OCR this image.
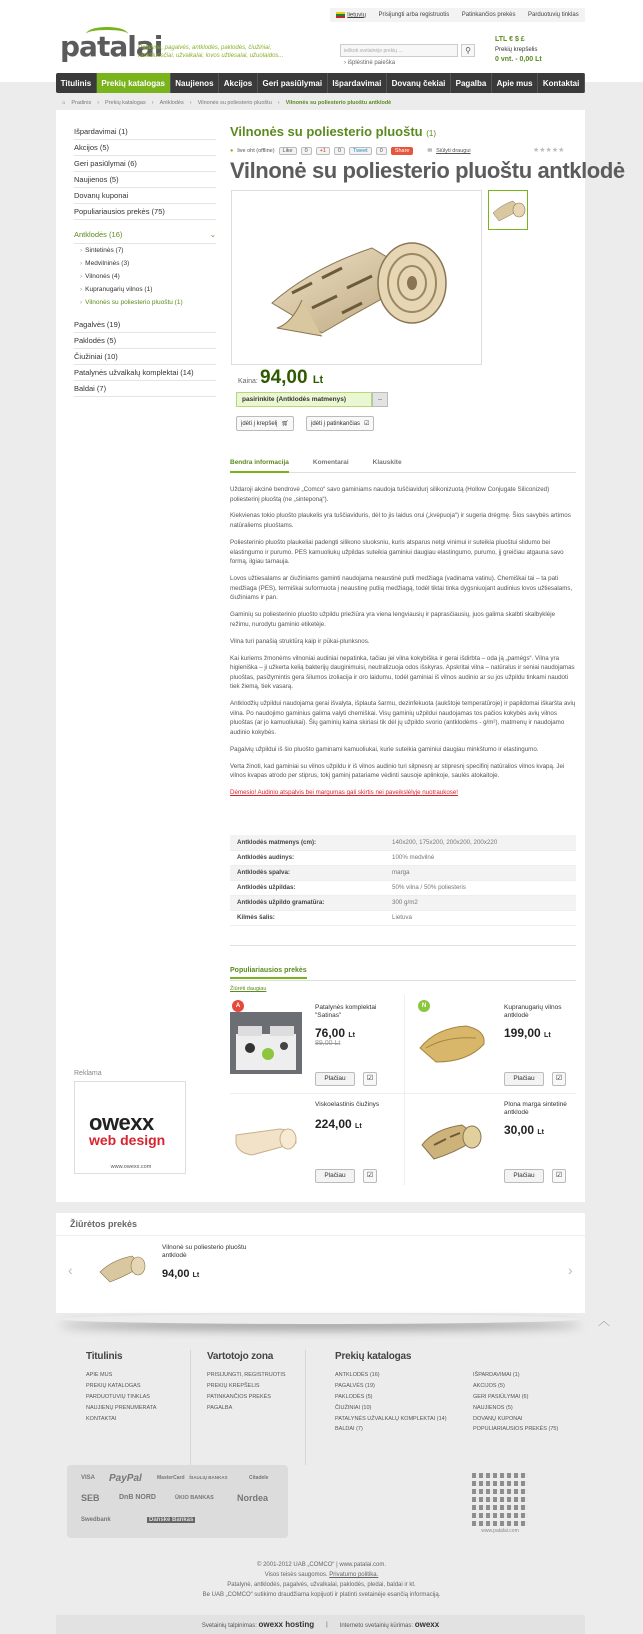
lietuvių Prisijungti arba registruotis Patinkančios prekės Parduotuvių tinklas
patalai
Patalynė, pagalvės, antklodės, paklodės, čiužiniai, rankšluosčiai, užvalkalai, lovos užtiesalai, užuolaidos...
ieškoti svetainėje prekių ...	⚲
› išplėstinė paieška
LTL € $ £
Prekių krepšelis
0 vnt. - 0,00 Lt
Titulinis	Prekių katalogas	Naujienos	Akcijos	Geri pasiūlymai	Išpardavimai	Dovanų čekiai	Pagalba	Apie mus	Kontaktai
⌂ Pradinis › Prekių katalogas › Antklodės › Vilnonės su poliesterio pluoštu › Vilnonės su poliesterio pluoštu antklodė
Išpardavimai (1)
Akcijos (5)
Geri pasiūlymai (6)
Naujienos (5)
Dovanų kuponai
Populiariausios prekės (75)
Antklodės (16)	⌄
› Sintetinės (7)
› Medvilninės (3)
› Vilnonės (4)
› Kupranugarių vilnos (1)
› Vilnonės su poliesterio pluoštu (1)
Pagalvės (19)
Paklodės (5)
Čiužiniai (10)
Patalynės užvalkalų komplektai (14)
Baldai (7)
Vilnonės su poliesterio pluoštu (1)
● live oht (offline)	Like	0	+1	0	Tweet	0	Share	✉ Siūlyti draugui	★★★★★
Vilnonė su poliesterio pluoštu antklodė
Kaina: 94,00 Lt
pasirinkite (Antklodės matmenys)	–
įdėti į krepšelį 🛒︎	įdėti į patinkančias ☑
Bendra informacija	Komentarai	Klauskite

Uždaroji akcinė bendrovė „Comco“ savo gaminiams naudoja tuščiavidurį silikonizuotą (Hollow Conjugate Siliconized) poliesterinį pluoštą (ne „sinteponą“).

Kiekvienas tokio pluošto plaukelis yra tuščiaviduris, dėl to jis laidus orui („kvėpuoja“) ir sugeria drėgmę. Šios savybės artimos natūraliems pluoštams.

Poliesterinio pluošto plaukeliai padengti silikono sluoksniu, kuris atsparus netgi vinimui ir suteikia pluoštui slidumo bei elastingumo ir purumo. PES kamuoliukų užpildas suteikia gaminiui daugiau elastingumo, purumo, jį greičiau atgauna savo formą, ilgiau tarnauja.

Lovos užtiesalams ar čiužiniams gaminti naudojama neaustinė putli medžiaga (vadinama vatinu). Chemiškai tai – ta pati medžiaga (PES), termiškai suformuota į neaustinę putlią medžiagą, todėl tiktai tinka dygsniuojant audinius lovos užtiesalams, čiužiniams ir pan.

Gaminių su poliesterinio pluošto užpildu priežiūra yra viena lengviausių ir paprasčiausių, juos galima skalbti skalbyklėje režimu, nurodytu gaminio etiketėje.

Vilna turi panašią struktūrą kaip ir pūkai-plunksnos.

Kai kuriems žmonėms vilnoniai audiniai nepatinka, tačiau jei vilna kokybiška ir gerai išdirbta – oda ją „pamėgs“. Vilna yra higieniška – ji užkerta kelią bakterijų dauginimuisi, neutralizuoja odos išskyras. Apskritai vilna – natūralus ir seniai naudojamas pluoštas, pasižymintis gera šilumos izoliacija ir oro laidumu, todėl gaminiai iš vilnos audinio ar su jos užpildu tinkami naudoti tiek žiemą, tiek vasarą.

Antklodžių užpildui naudojama gerai išvalyta, išplauta šarmu, dezinfekuota (aukštoje temperatūroje) ir papildomai iškaršta avių vilna. Po naudojimo gaminius galima valyti chemiškai. Visų gaminių užpildui naudojamas tos pačios kokybės avių vilnos pluoštas (ar jo kamuoliukai). Šių gaminių kaina skiriasi tik dėl jų užpildo svorio (antklodėms - g/m²), matmenų ir naudojamo audinio kokybės.

Pagalvių užpildui iš šio pluošto gaminami kamuoliukai, kurie suteikia gaminiui daugiau minkštumo ir elastingumo.

Verta žinoti, kad gaminiai su vilnos užpildu ir iš vilnos audinio turi silpnesnį ar stipresnį specifinį natūralios vilnos kvapą. Jei vilnos kvapas atrodo per stiprus, tokį gaminį patariame vėdinti sausoje aplinkoje, saulės atokaitoje.

Dėmesio! Audinio atspalvis bei margumas gali skirtis nei paveikslėlyje nuotraukose!

Antklodės matmenys (cm):	140x200, 175x200, 200x200, 200x220
Antklodės audinys:	100% medvilnė
Antklodės spalva:	marga
Antklodės užpildas:	50% vilna / 50% poliesteris
Antklodės užpildo gramatūra:	300 g/m2
Kilmės šalis:	Lietuva
Populiariausios prekės
Žiūrėti daugiau
A	Patalynės komplektai "Satinas"
76,00 Lt
89,00 Lt
Plačiau	☑
N	Kupranugarių vilnos antklodė
199,00 Lt
Plačiau	☑
Viskoelastinis čiužinys
224,00 Lt
Plačiau	☑
Plona marga sintetinė antklodė
30,00 Lt
Plačiau	☑
Reklama
owexx
web design
www.owexx.com
Žiūrėtos prekės
‹	›
Vilnonė su poliesterio pluoštu antklodė
94,00 Lt
︿
Titulinis
APIE MUS
PREKIŲ KATALOGAS
PARDUOTUVIŲ TINKLAS
NAUJIENŲ PRENUMERATA
KONTAKTAI
Vartotojo zona
PRISIJUNGTI, REGISTRUOTIS
PREKIŲ KREPŠELIS
PATINKANČIOS PREKĖS
PAGALBA
Prekių katalogas
ANTKLODĖS (16)
PAGALVĖS (19)
PAKLODĖS (5)
ČIUŽINIAI (10)
PATALYNĖS UŽVALKALŲ KOMPLEKTAI (14)
BALDAI (7)
IŠPARDAVIMAI (1)
AKCIJOS (5)
GERI PASIŪLYMAI (6)
NAUJIENOS (5)
DOVANŲ KUPONAI
POPULIARIAUSIOS PREKĖS (75)
VISA PayPal	MasterCard ŠIAULIŲ BANKAS	Citadele
SEB	DnB NORD	ŪKIO BANKAS	Nordea
Swedbank	Danske Bankas
www.patalai.com
© 2001-2012 UAB „COMCO“ | www.patalai.com.
Visos teisės saugomos. Privatumo politika.
Patalynė, antklodės, pagalvės, užvalkalai, paklodės, pledai, baldai ir kt.
Be UAB „COMCO“ sutikimo draudžiama kopijuoti ir platinti svetainėje esančią informaciją.
Svetainių talpinimas: owexx hosting | Interneto svetainių kūrimas: owexx
